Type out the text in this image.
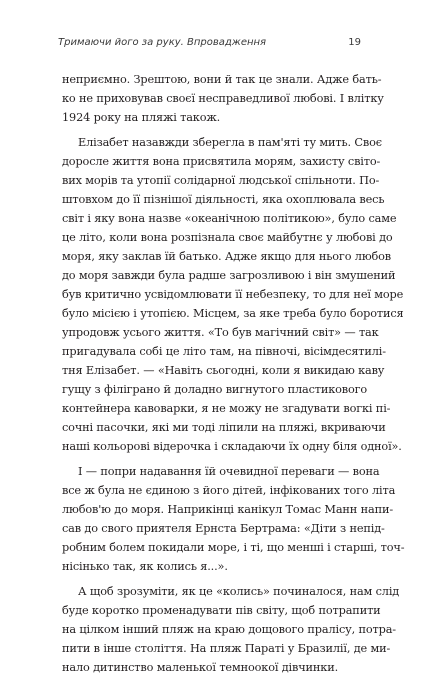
Тримаючи його за руку. Впровадження	19
неприємно. Зрештою, вони й так це знали. Адже бать-
ко не приховував своєї несправедливої любові. І влітку
1924 року на пляжі також.
Елізабет назавжди зберегла в пам'яті ту мить. Своє
доросле життя вона присвятила морям, захисту світо-
вих морів та утопії солідарної людської спільноти. По-
штовхом до її пізнішої діяльності, яка охоплювала весь
світ і яку вона назве «океанічною політикою», було саме
це літо, коли вона розпізнала своє майбутнє у любові до
моря, яку заклав їй батько. Адже якщо для нього любов
до моря завжди була радше загрозливою і він змушений
був критично усвідомлювати її небезпеку, то для неї море
було місією і утопією. Місцем, за яке треба було боротися
упродовж усього життя. «То був магічний світ» — так
пригадувала собі це літо там, на півночі, вісімдесятилі-
тня Елізабет. — «Навіть сьогодні, коли я викидаю каву
гущу з філіграно й доладно вигнутого пластикового
контейнера кавоварки, я не можу не згадувати вогкі пі-
сочні пасочки, які ми тоді ліпили на пляжі, вкриваючи
наші кольорові відерочка і складаючи їх одну біля одної».
І — попри надавання їй очевидної переваги — вона
все ж була не єдиною з його дітей, інфікованих того літа
любов'ю до моря. Наприкінці канікул Томас Манн напи-
сав до свого приятеля Ернста Бертрама: «Діти з непід-
робним болем покидали море, і ті, що менші і старші, точ-
нісінько так, як колись я...».
А щоб зрозуміти, як це «колись» починалося, нам слід
буде коротко променадувати пів світу, щоб потрапити
на цілком інший пляж на краю дощового пралісу, потра-
пити в інше століття. На пляж Параті у Бразилії, де ми-
нало дитинство маленької темноокої дівчинки.
